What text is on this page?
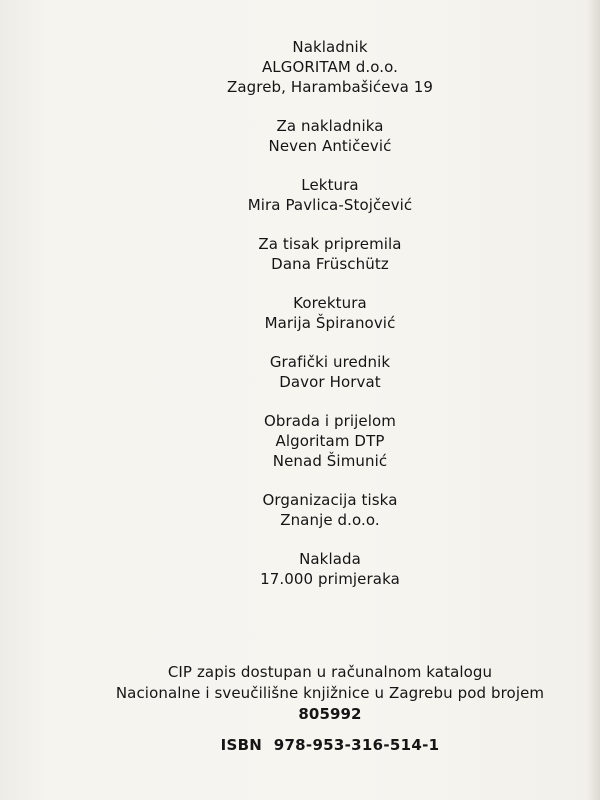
Nakladnik
ALGORITAM d.o.o.
Zagreb, Harambašićeva 19
Za nakladnika
Neven Antičević
Lektura
Mira Pavlica-Stojčević
Za tisak pripremila
Dana Früschütz
Korektura
Marija Špiranović
Grafički urednik
Davor Horvat
Obrada i prijelom
Algoritam DTP
Nenad Šimunić
Organizacija tiska
Znanje d.o.o.
Naklada
17.000 primjeraka
CIP zapis dostupan u računalnom katalogu
Nacionalne i sveučilišne knjižnice u Zagrebu pod brojem
805992
ISBN 978-953-316-514-1
